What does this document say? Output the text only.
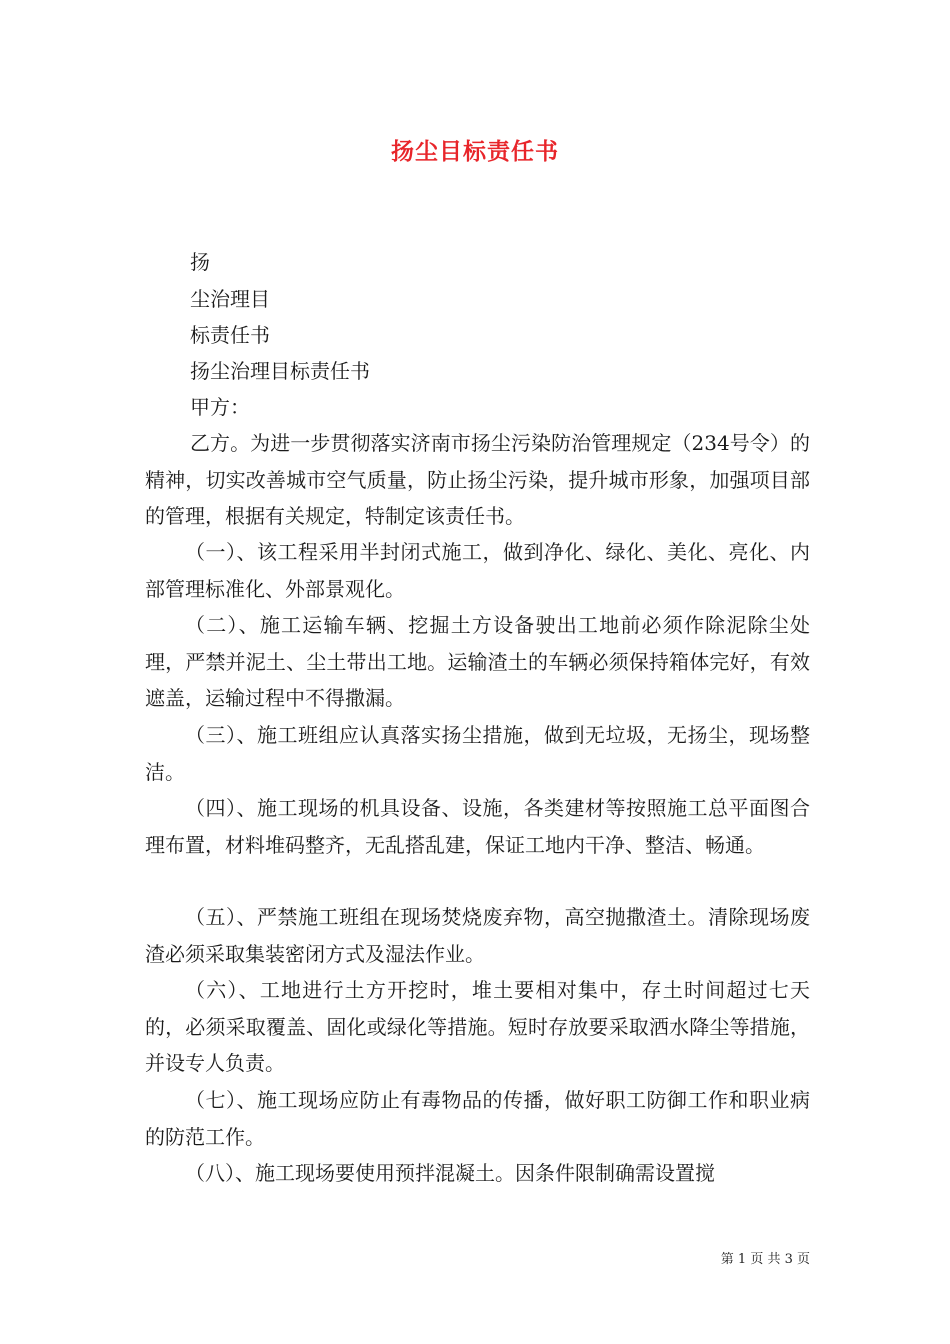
扬尘目标责任书
扬
尘治理目
标责任书
扬尘治理目标责任书
甲方：

乙方。为进一步贯彻落实济南市扬尘污染防治管理规定（234号令）的精神，切实改善城市空气质量，防止扬尘污染，提升城市形象，加强项目部的管理，根据有关规定，特制定该责任书。

（一）、该工程采用半封闭式施工，做到净化、绿化、美化、亮化、内部管理标准化、外部景观化。

（二）、施工运输车辆、挖掘土方设备驶出工地前必须作除泥除尘处理，严禁并泥土、尘土带出工地。运输渣土的车辆必须保持箱体完好，有效遮盖，运输过程中不得撒漏。

（三）、施工班组应认真落实扬尘措施，做到无垃圾，无扬尘，现场整洁。

（四）、施工现场的机具设备、设施，各类建材等按照施工总平面图合理布置，材料堆码整齐，无乱搭乱建，保证工地内干净、整洁、畅通。

（五）、严禁施工班组在现场焚烧废弃物，高空抛撒渣土。清除现场废渣必须采取集装密闭方式及湿法作业。

（六）、工地进行土方开挖时，堆土要相对集中，存土时间超过七天的，必须采取覆盖、固化或绿化等措施。短时存放要采取洒水降尘等措施，并设专人负责。

（七）、施工现场应防止有毒物品的传播，做好职工防御工作和职业病的防范工作。

（八）、施工现场要使用预拌混凝土。因条件限制确需设置搅

第 1 页 共 3 页
